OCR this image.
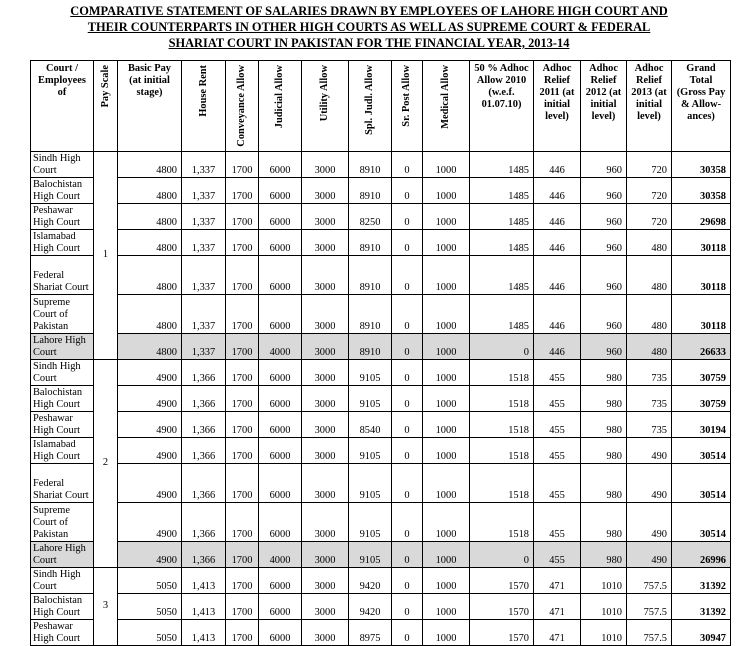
COMPARATIVE STATEMENT OF SALARIES DRAWN BY EMPLOYEES OF LAHORE HIGH COURT AND
THEIR COUNTERPARTS IN OTHER HIGH COURTS AS WELL AS SUPREME COURT & FEDERAL
SHARIAT COURT IN PAKISTAN FOR THE FINANCIAL YEAR, 2013-14
Court / Employees of	Pay Scale	Basic Pay (at initial stage)	House Rent	Conveyance Allow	Judicial Allow	Utility Allow	Spl. Judl. Allow	Sr. Post Allow	Medical Allow	50 % Adhoc Allow 2010 (w.e.f. 01.07.10)	Adhoc Relief 2011 (at initial level)	Adhoc Relief 2012 (at initial level)	Adhoc Relief 2013 (at initial level)	Grand Total (Gross Pay & Allow- ances)
Sindh High Court	1	4800	1,337	1700	6000	3000	8910	0	1000	1485	446	960	720	30358
Balochistan High Court		4800	1,337	1700	6000	3000	8910	0	1000	1485	446	960	720	30358
Peshawar High Court		4800	1,337	1700	6000	3000	8250	0	1000	1485	446	960	720	29698
Islamabad High Court		4800	1,337	1700	6000	3000	8910	0	1000	1485	446	960	480	30118
Federal Shariat Court		4800	1,337	1700	6000	3000	8910	0	1000	1485	446	960	480	30118
Supreme Court of Pakistan		4800	1,337	1700	6000	3000	8910	0	1000	1485	446	960	480	30118
Lahore High Court		4800	1,337	1700	4000	3000	8910	0	1000	0	446	960	480	26633
Sindh High Court	2	4900	1,366	1700	6000	3000	9105	0	1000	1518	455	980	735	30759
Balochistan High Court		4900	1,366	1700	6000	3000	9105	0	1000	1518	455	980	735	30759
Peshawar High Court		4900	1,366	1700	6000	3000	8540	0	1000	1518	455	980	735	30194
Islamabad High Court		4900	1,366	1700	6000	3000	9105	0	1000	1518	455	980	490	30514
Federal Shariat Court		4900	1,366	1700	6000	3000	9105	0	1000	1518	455	980	490	30514
Supreme Court of Pakistan		4900	1,366	1700	6000	3000	9105	0	1000	1518	455	980	490	30514
Lahore High Court		4900	1,366	1700	4000	3000	9105	0	1000	0	455	980	490	26996
Sindh High Court	3	5050	1,413	1700	6000	3000	9420	0	1000	1570	471	1010	757.5	31392
Balochistan High Court		5050	1,413	1700	6000	3000	9420	0	1000	1570	471	1010	757.5	31392
Peshawar High Court		5050	1,413	1700	6000	3000	8975	0	1000	1570	471	1010	757.5	30947
